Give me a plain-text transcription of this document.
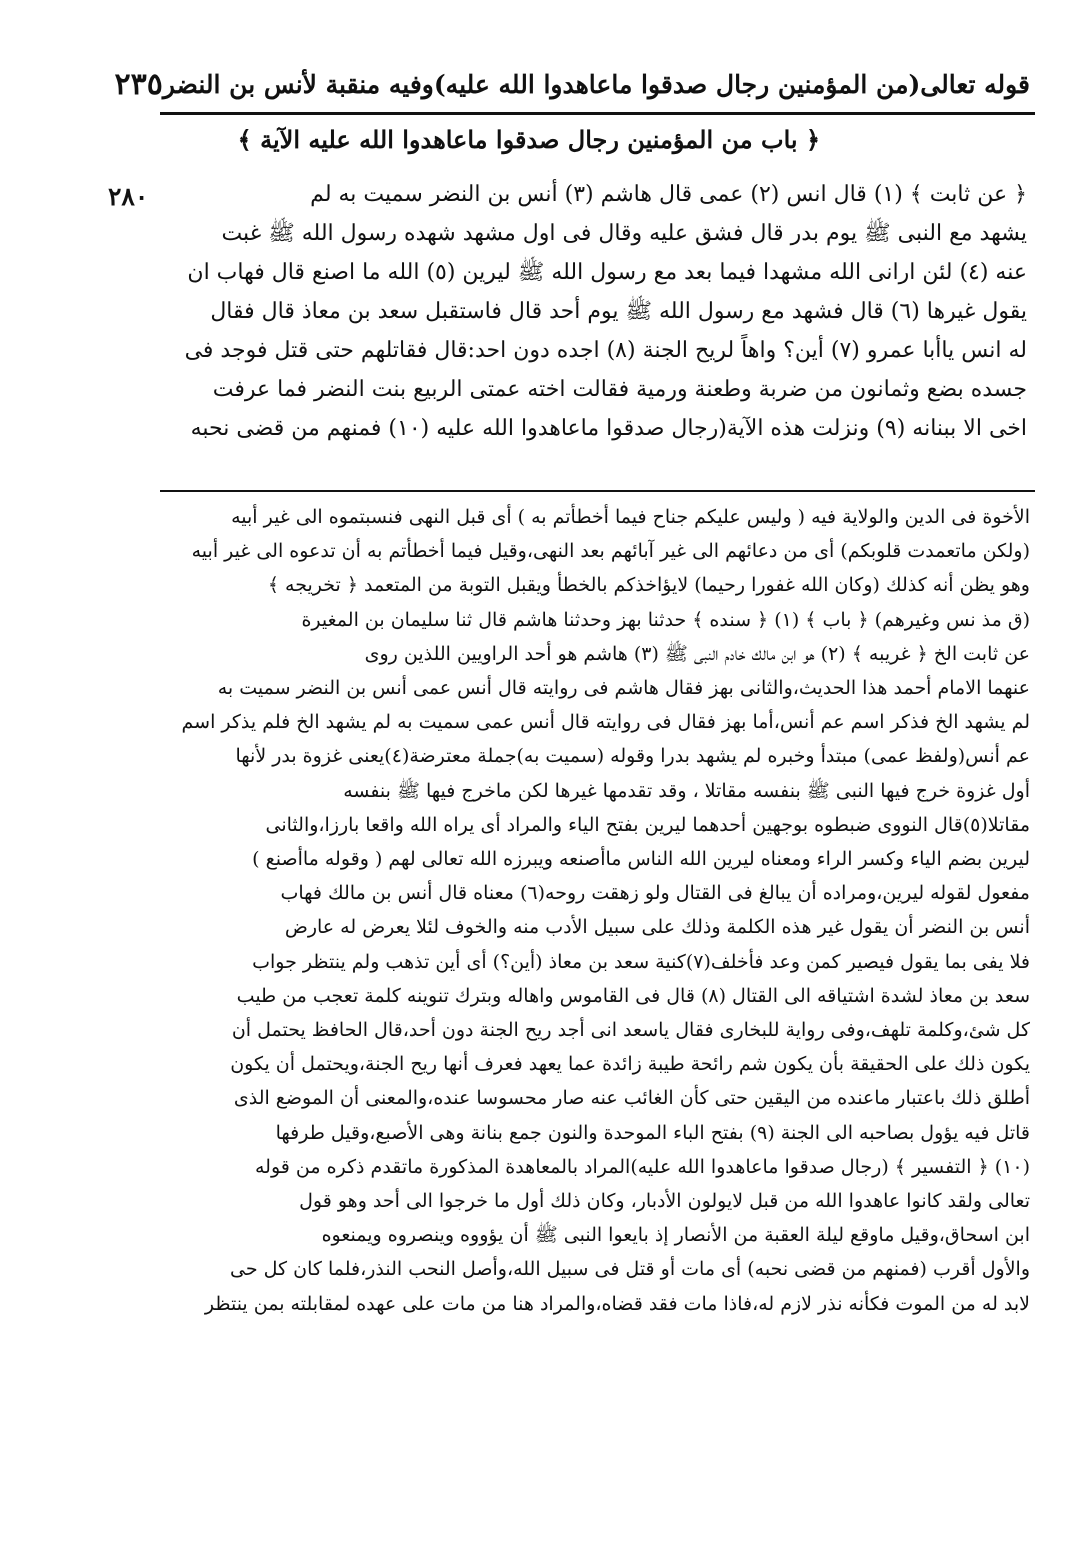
قوله تعالى(من المؤمنين رجال صدقوا ماعاهدوا الله عليه)وفيه منقبة لأنس بن النضر
٢٣٥
﴿ باب من المؤمنين رجال صدقوا ماعاهدوا الله عليه الآية ﴾
٢٨٠	﴿ عن ثابت ﴾ (١) قال انس (٢) عمى قال هاشم (٣) أنس بن النضر سميت به لم

يشهد مع النبى ﷺ يوم بدر قال فشق عليه وقال فى اول مشهد شهده رسول الله ﷺ غبت

عنه (٤) لئن ارانى الله مشهدا فيما بعد مع رسول الله ﷺ ليرين (٥) الله ما اصنع قال فهاب ان

يقول غيرها (٦) قال فشهد مع رسول الله ﷺ يوم أحد قال فاستقبل سعد بن معاذ قال فقال

له انس ياأبا عمرو (٧) أين؟ واهاً لريح الجنة (٨) اجده دون احد:قال فقاتلهم حتى قتل فوجد فى

جسده بضع وثمانون من ضربة وطعنة ورمية فقالت اخته عمتى الربيع بنت النضر فما عرفت

اخى الا ببنانه (٩) ونزلت هذه الآية(رجال صدقوا ماعاهدوا الله عليه (١٠) فمنهم من قضى نحبه

الأخوة فى الدين والولاية فيه ( وليس عليكم جناح فيما أخطأتم به ) أى قبل النهى فنسبتموه الى غير أبيه

(ولكن ماتعمدت قلوبكم) أى من دعائهم الى غير آبائهم بعد النهى،وقيل فيما أخطأتم به أن تدعوه الى غير أبيه

وهو يظن أنه كذلك (وكان الله غفورا رحيما) لايؤاخذكم بالخطأ ويقبل التوبة من المتعمد ﴿ تخريجه ﴾

(ق مذ نس وغيرهم) ﴿ باب ﴾ (١) ﴿ سنده ﴾ حدثنا بهز وحدثنا هاشم قال ثنا سليمان بن المغيرة

عن ثابت الخ ﴿ غريبه ﴾ (٢) هو ابن مالك خادم النبى ﷺ (٣) هاشم هو أحد الراويين اللذين روى

عنهما الامام أحمد هذا الحديث،والثانى بهز فقال هاشم فى روايته قال أنس عمى أنس بن النضر سميت به

لم يشهد الخ فذكر اسم عم أنس،أما بهز فقال فى روايته قال أنس عمى سميت به لم يشهد الخ فلم يذكر اسم

عم أنس(ولفظ عمى) مبتدأ وخبره لم يشهد بدرا وقوله (سميت به)جملة معترضة(٤)يعنى غزوة بدر لأنها

أول غزوة خرج فيها النبى ﷺ بنفسه مقاتلا ، وقد تقدمها غيرها لكن ماخرج فيها ﷺ بنفسه

مقاتلا(٥)قال النووى ضبطوه بوجهين أحدهما ليرين بفتح الياء والمراد أى يراه الله واقعا بارزا،والثانى

ليرين بضم الياء وكسر الراء ومعناه ليرين الله الناس ماأصنعه ويبرزه الله تعالى لهم ( وقوله ماأصنع )

مفعول لقوله ليرين،ومراده أن يبالغ فى القتال ولو زهقت روحه(٦) معناه قال أنس بن مالك فهاب

أنس بن النضر أن يقول غير هذه الكلمة وذلك على سبيل الأدب منه والخوف لئلا يعرض له عارض

فلا يفى بما يقول فيصير كمن وعد فأخلف(٧)كنية سعد بن معاذ (أين؟) أى أين تذهب ولم ينتظر جواب

سعد بن معاذ لشدة اشتياقه الى القتال (٨) قال فى القاموس واهاله وبترك تنوينه كلمة تعجب من طيب

كل شئ،وكلمة تلهف،وفى رواية للبخارى فقال ياسعد انى أجد ريح الجنة دون أحد،قال الحافظ يحتمل أن

يكون ذلك على الحقيقة بأن يكون شم رائحة طيبة زائدة عما يعهد فعرف أنها ريح الجنة،ويحتمل أن يكون

أطلق ذلك باعتبار ماعنده من اليقين حتى كأن الغائب عنه صار محسوسا عنده،والمعنى أن الموضع الذى

قاتل فيه يؤول بصاحبه الى الجنة (٩) بفتح الباء الموحدة والنون جمع بنانة وهى الأصبع،وقيل طرفها

(١٠) ﴿ التفسير ﴾ (رجال صدقوا ماعاهدوا الله عليه)المراد بالمعاهدة المذكورة ماتقدم ذكره من قوله

تعالى ولقد كانوا عاهدوا الله من قبل لايولون الأدبار، وكان ذلك أول ما خرجوا الى أحد وهو قول

ابن اسحاق،وقيل ماوقع ليلة العقبة من الأنصار إذ بايعوا النبى ﷺ أن يؤووه وينصروه ويمنعوه

والأول أقرب (فمنهم من قضى نحبه) أى مات أو قتل فى سبيل الله،وأصل النحب النذر،فلما كان كل حى

لابد له من الموت فكأنه نذر لازم له،فاذا مات فقد قضاه،والمراد هنا من مات على عهده لمقابلته بمن ينتظر
